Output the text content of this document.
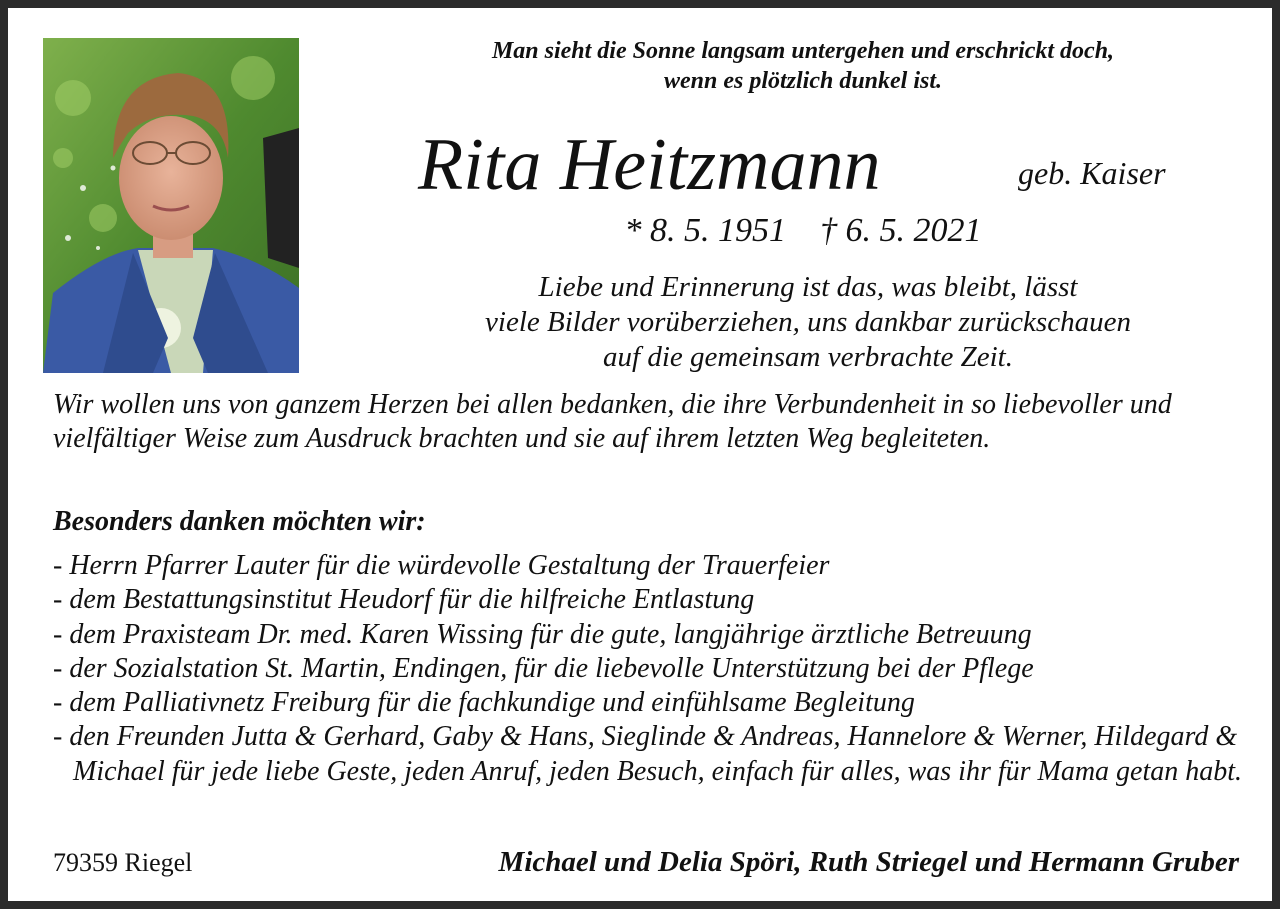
Man sieht die Sonne langsam untergehen und erschrickt doch,
wenn es plötzlich dunkel ist.
Rita Heitzmann	geb. Kaiser
* 8. 5. 1951    † 6. 5. 2021
Liebe und Erinnerung ist das, was bleibt, lässt
viele Bilder vorüberziehen, uns dankbar zurückschauen
auf die gemeinsam verbrachte Zeit.
Wir wollen uns von ganzem Herzen bei allen bedanken, die ihre Verbundenheit in so liebevoller und vielfältiger Weise zum Ausdruck brachten und sie auf ihrem letzten Weg begleiteten.
Besonders danken möchten wir:
- Herrn Pfarrer Lauter für die würdevolle Gestaltung der Trauerfeier
- dem Bestattungsinstitut Heudorf für die hilfreiche Entlastung
- dem Praxisteam Dr. med. Karen Wissing für die gute, langjährige ärztliche Betreuung
- der Sozialstation St. Martin, Endingen, für die liebevolle Unterstützung bei der Pflege
- dem Palliativnetz Freiburg für die fachkundige und einfühlsame Begleitung
- den Freunden Jutta & Gerhard, Gaby & Hans, Sieglinde & Andreas, Hannelore & Werner, Hildegard & Michael für jede liebe Geste, jeden Anruf, jeden Besuch, einfach für alles, was ihr für Mama getan habt.
79359 Riegel	Michael und Delia Spöri, Ruth Striegel und Hermann Gruber
